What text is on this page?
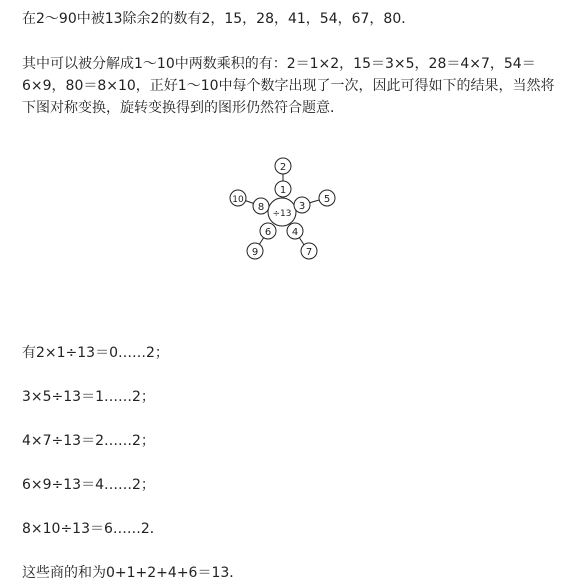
在2～90中被13除余2的数有2，15，28，41，54，67，80．
其中可以被分解成1～10中两数乘积的有：2＝1×2，15＝3×5，28＝4×7，54＝6×9，80＝8×10，正好1～10中每个数字出现了一次，因此可得如下的结果，当然将下图对称变换，旋转变换得到的图形仍然符合题意．
÷13
1
3
4
6
8
2
5
7
9
10
有2×1÷13＝0……2；
3×5÷13＝1……2；
4×7÷13＝2……2；
6×9÷13＝4……2；
8×10÷13＝6……2．
这些商的和为0+1+2+4+6＝13．
